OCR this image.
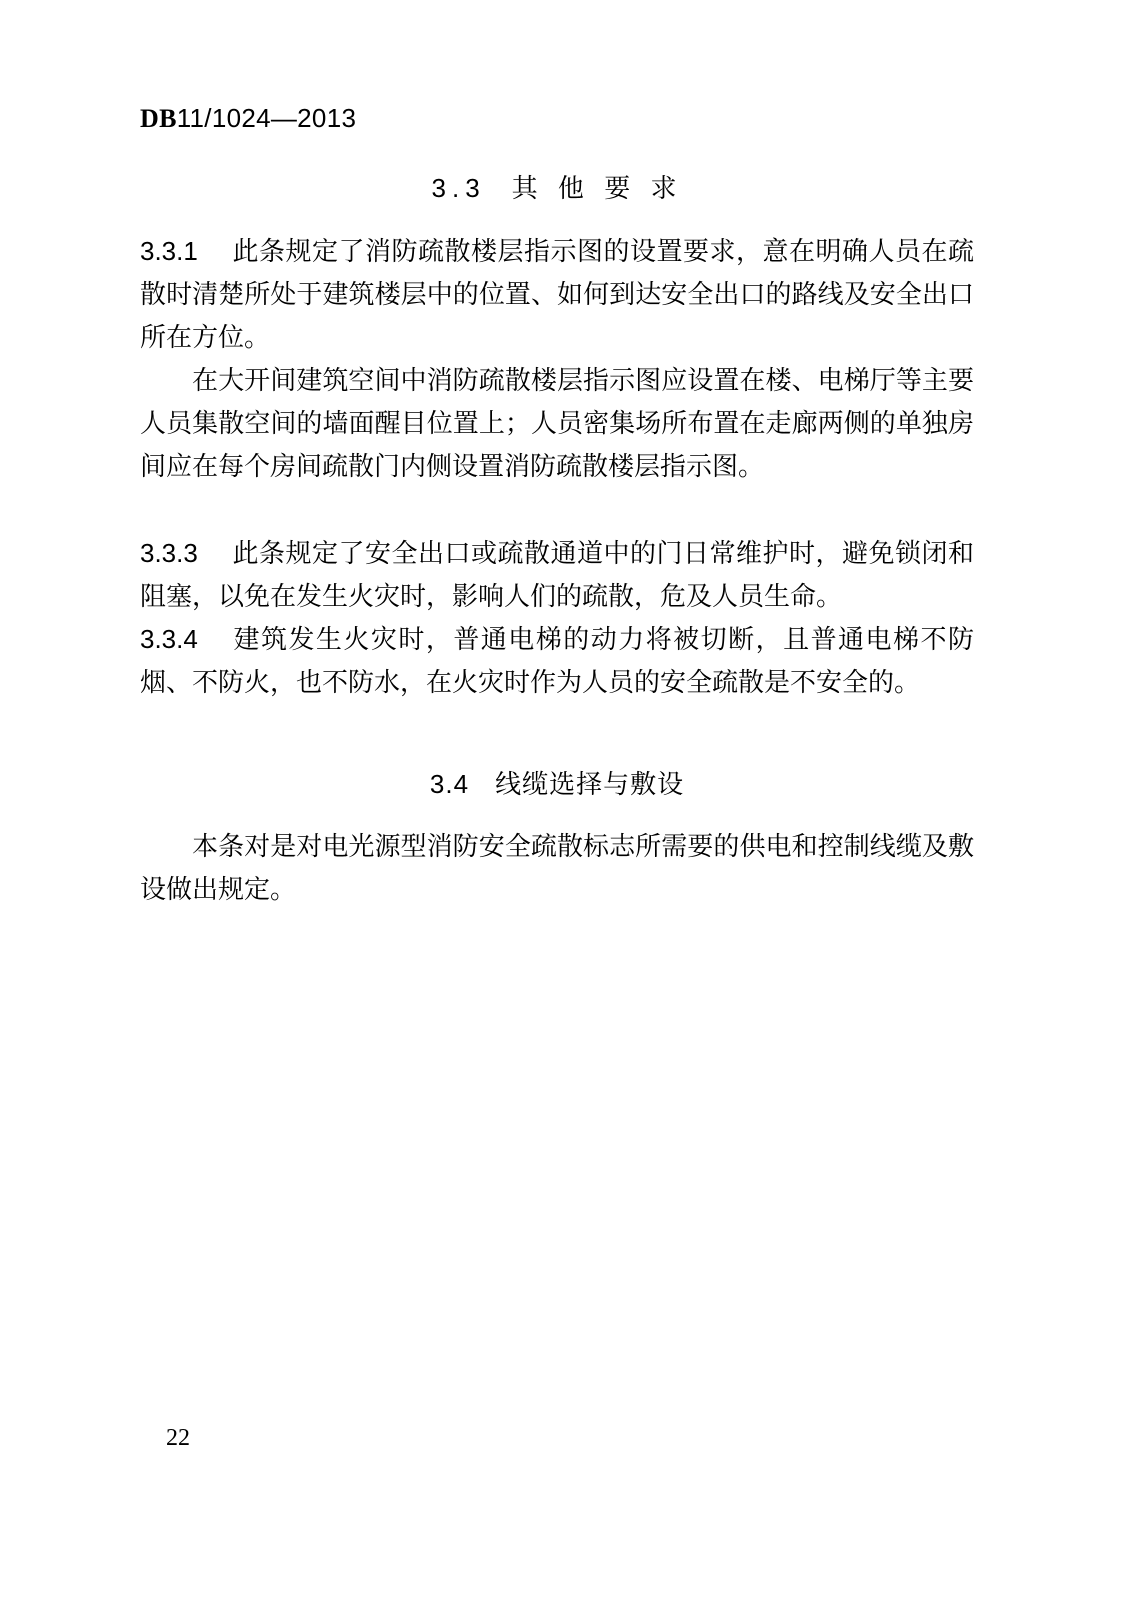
DB11/1024—2013
3.3 其 他 要 求

3.3.1 此条规定了消防疏散楼层指示图的设置要求，意在明确人员在疏散时清楚所处于建筑楼层中的位置、如何到达安全出口的路线及安全出口所在方位。

在大开间建筑空间中消防疏散楼层指示图应设置在楼、电梯厅等主要人员集散空间的墙面醒目位置上；人员密集场所布置在走廊两侧的单独房间应在每个房间疏散门内侧设置消防疏散楼层指示图。

3.3.3 此条规定了安全出口或疏散通道中的门日常维护时，避免锁闭和阻塞，以免在发生火灾时，影响人们的疏散，危及人员生命。

3.3.4 建筑发生火灾时，普通电梯的动力将被切断，且普通电梯不防烟、不防火，也不防水，在火灾时作为人员的安全疏散是不安全的。

3.4 线缆选择与敷设

本条对是对电光源型消防安全疏散标志所需要的供电和控制线缆及敷设做出规定。

22
